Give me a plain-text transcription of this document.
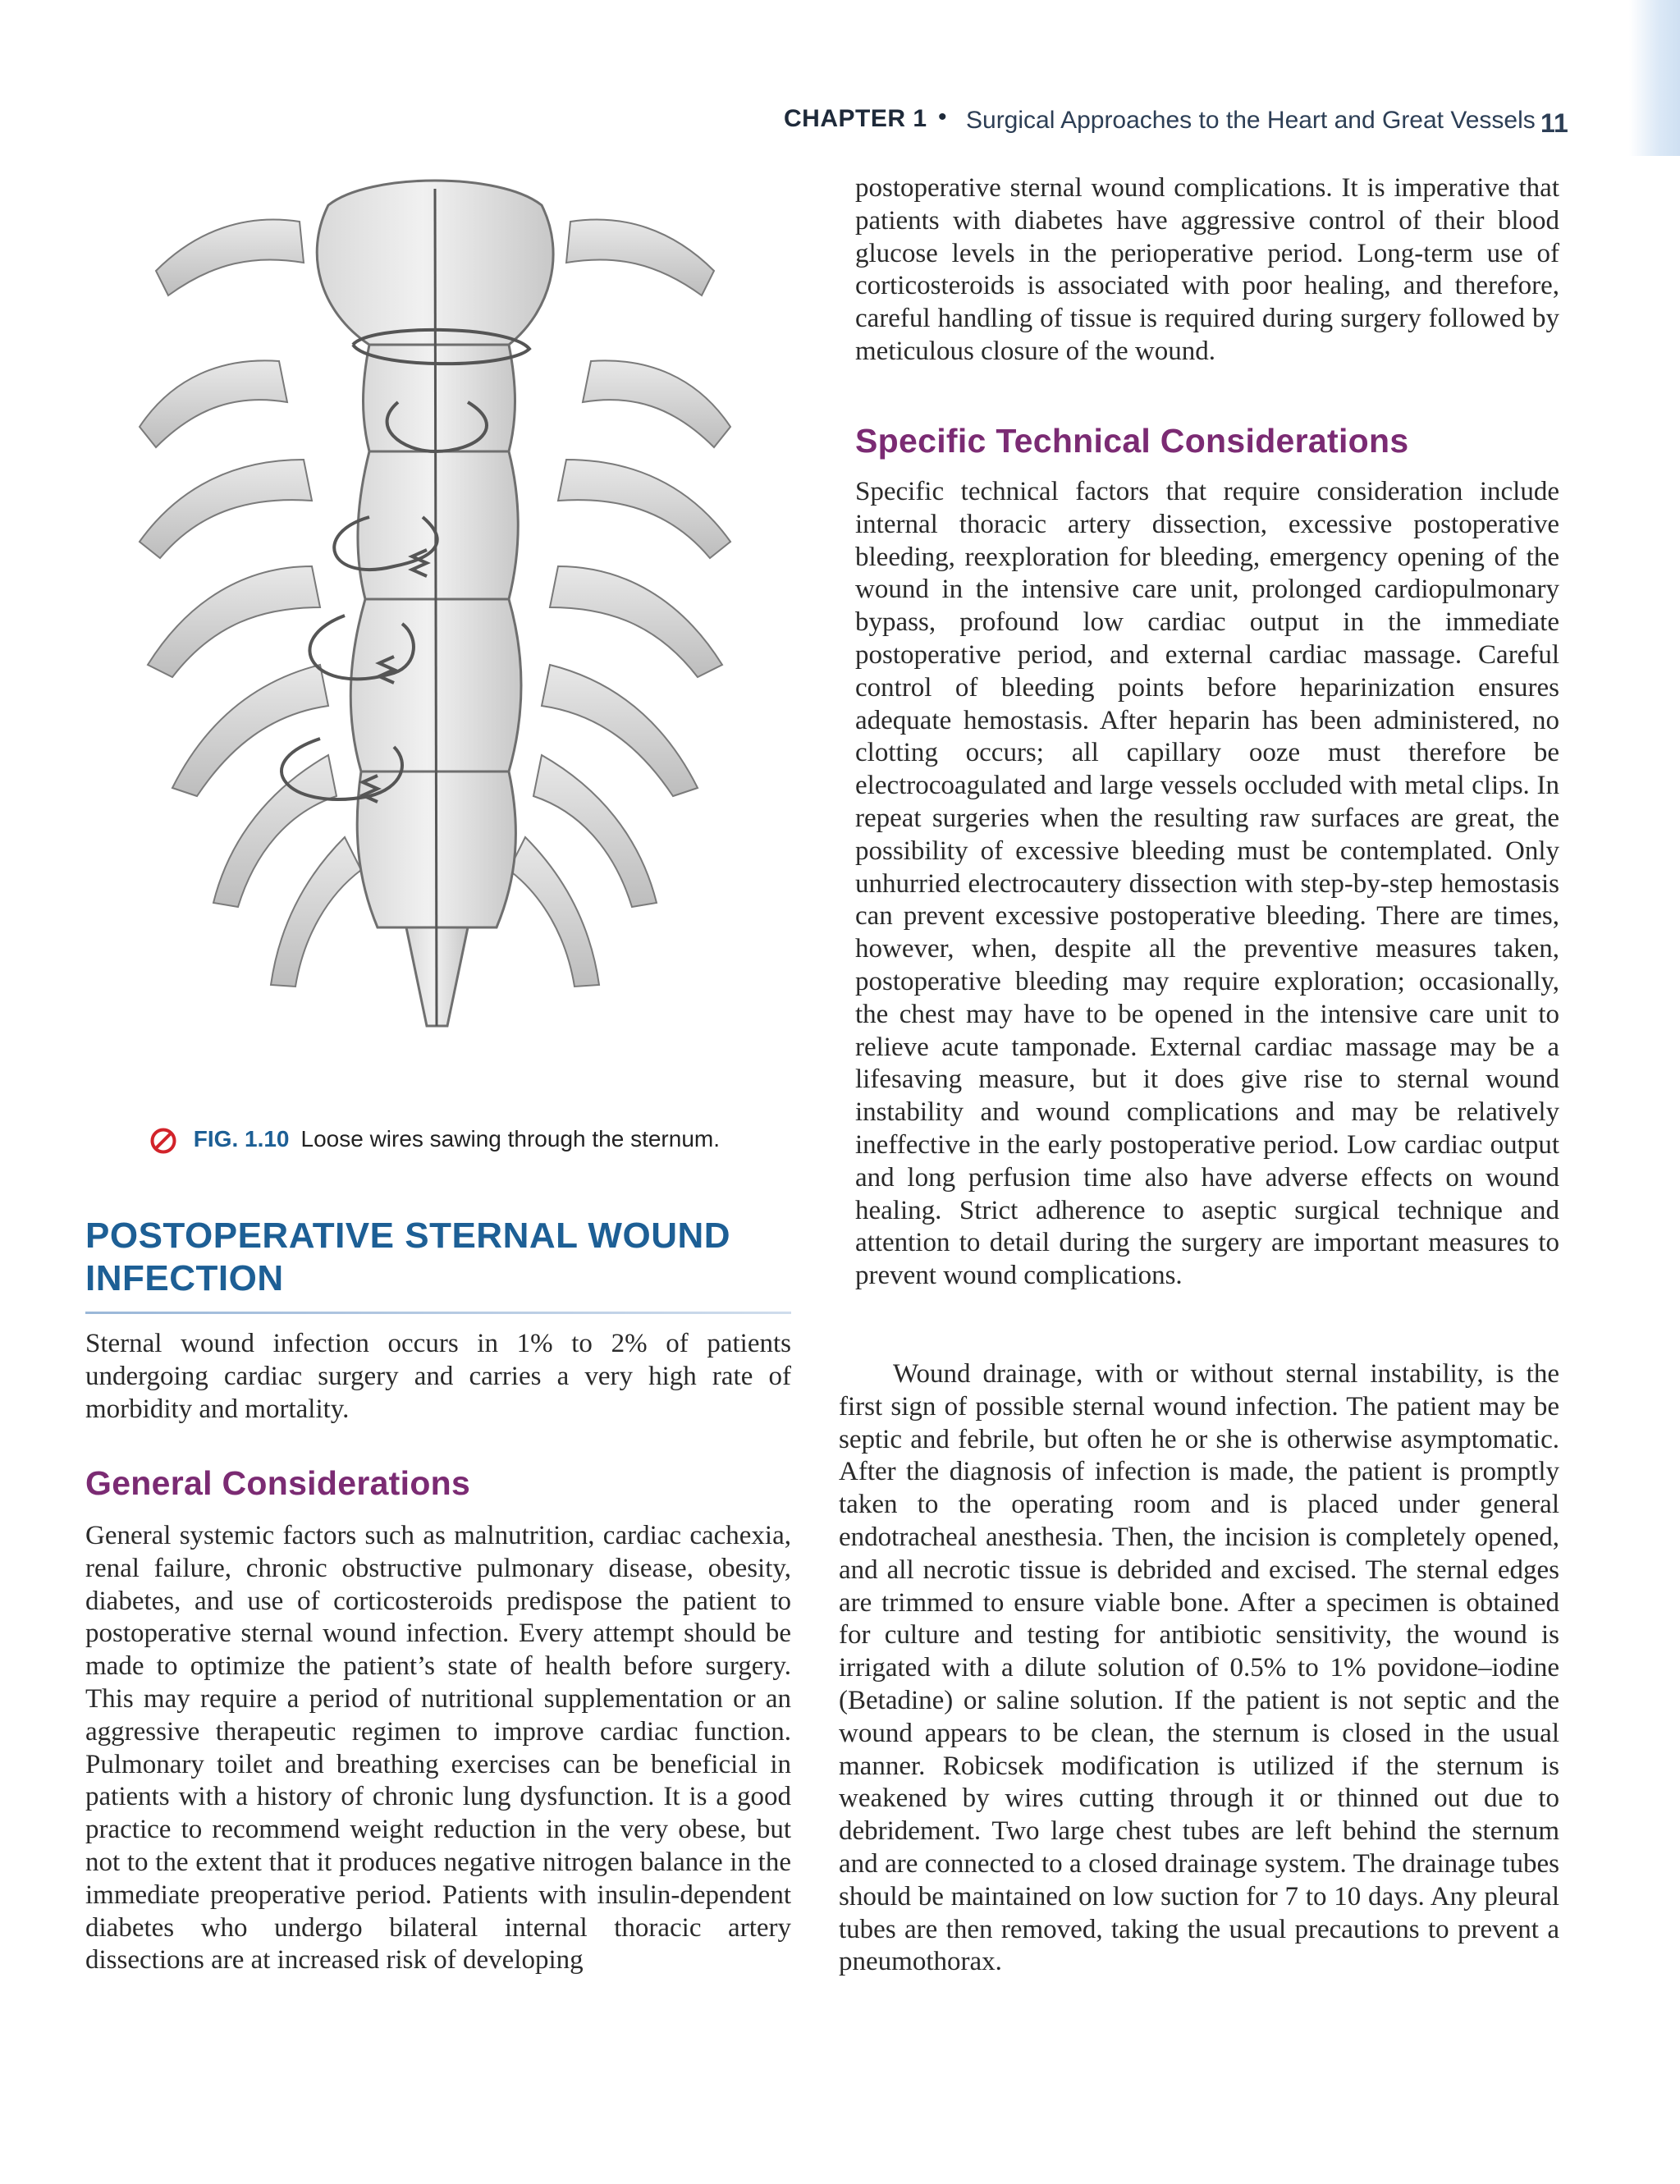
CHAPTER 1 • Surgical Approaches to the Heart and Great Vessels 11
FIG. 1.10 Loose wires sawing through the sternum.
POSTOPERATIVE STERNAL WOUND INFECTION

Sternal wound infection occurs in 1% to 2% of patients undergoing cardiac surgery and carries a very high rate of morbidity and mortality.

General Considerations

General systemic factors such as malnutrition, cardiac cachexia, renal failure, chronic obstructive pulmonary disease, obesity, diabetes, and use of corticosteroids predispose the patient to postoperative sternal wound infection. Every attempt should be made to optimize the patient’s state of health before surgery. This may require a period of nutritional supplementation or an aggressive therapeutic regimen to improve cardiac function. Pulmonary toilet and breathing exercises can be beneficial in patients with a history of chronic lung dysfunction. It is a good practice to recommend weight reduction in the very obese, but not to the extent that it produces negative nitrogen balance in the immediate preoperative period. Patients with insulin-dependent diabetes who undergo bilateral internal thoracic artery dissections are at increased risk of developing

postoperative sternal wound complications. It is imperative that patients with diabetes have aggressive control of their blood glucose levels in the perioperative period. Long-term use of corticosteroids is associated with poor healing, and therefore, careful handling of tissue is required during surgery followed by meticulous closure of the wound.

Specific Technical Considerations

Specific technical factors that require consideration include internal thoracic artery dissection, excessive postoperative bleeding, reexploration for bleeding, emergency opening of the wound in the intensive care unit, prolonged cardiopulmonary bypass, profound low cardiac output in the immediate postoperative period, and external cardiac massage. Careful control of bleeding points before heparinization ensures adequate hemostasis. After heparin has been administered, no clotting occurs; all capillary ooze must therefore be electrocoagulated and large vessels occluded with metal clips. In repeat surgeries when the resulting raw surfaces are great, the possibility of excessive bleeding must be contemplated. Only unhurried electrocautery dissection with step-by-step hemostasis can prevent excessive postoperative bleeding. There are times, however, when, despite all the preventive measures taken, postoperative bleeding may require exploration; occasionally, the chest may have to be opened in the intensive care unit to relieve acute tamponade. External cardiac massage may be a lifesaving measure, but it does give rise to sternal wound instability and wound complications and may be relatively ineffective in the early postoperative period. Low cardiac output and long perfusion time also have adverse effects on wound healing. Strict adherence to aseptic surgical technique and attention to detail during the surgery are important measures to prevent wound complications.

Wound drainage, with or without sternal instability, is the first sign of possible sternal wound infection. The patient may be septic and febrile, but often he or she is otherwise asymptomatic. After the diagnosis of infection is made, the patient is promptly taken to the operating room and is placed under general endotracheal anesthesia. Then, the incision is completely opened, and all necrotic tissue is debrided and excised. The sternal edges are trimmed to ensure viable bone. After a specimen is obtained for culture and testing for antibiotic sensitivity, the wound is irrigated with a dilute solution of 0.5% to 1% povidone–iodine (Betadine) or saline solution. If the patient is not septic and the wound appears to be clean, the sternum is closed in the usual manner. Robicsek modification is utilized if the sternum is weakened by wires cutting through it or thinned out due to debridement. Two large chest tubes are left behind the sternum and are connected to a closed drainage system. The drainage tubes should be maintained on low suction for 7 to 10 days. Any pleural tubes are then removed, taking the usual precautions to prevent a pneumothorax.
